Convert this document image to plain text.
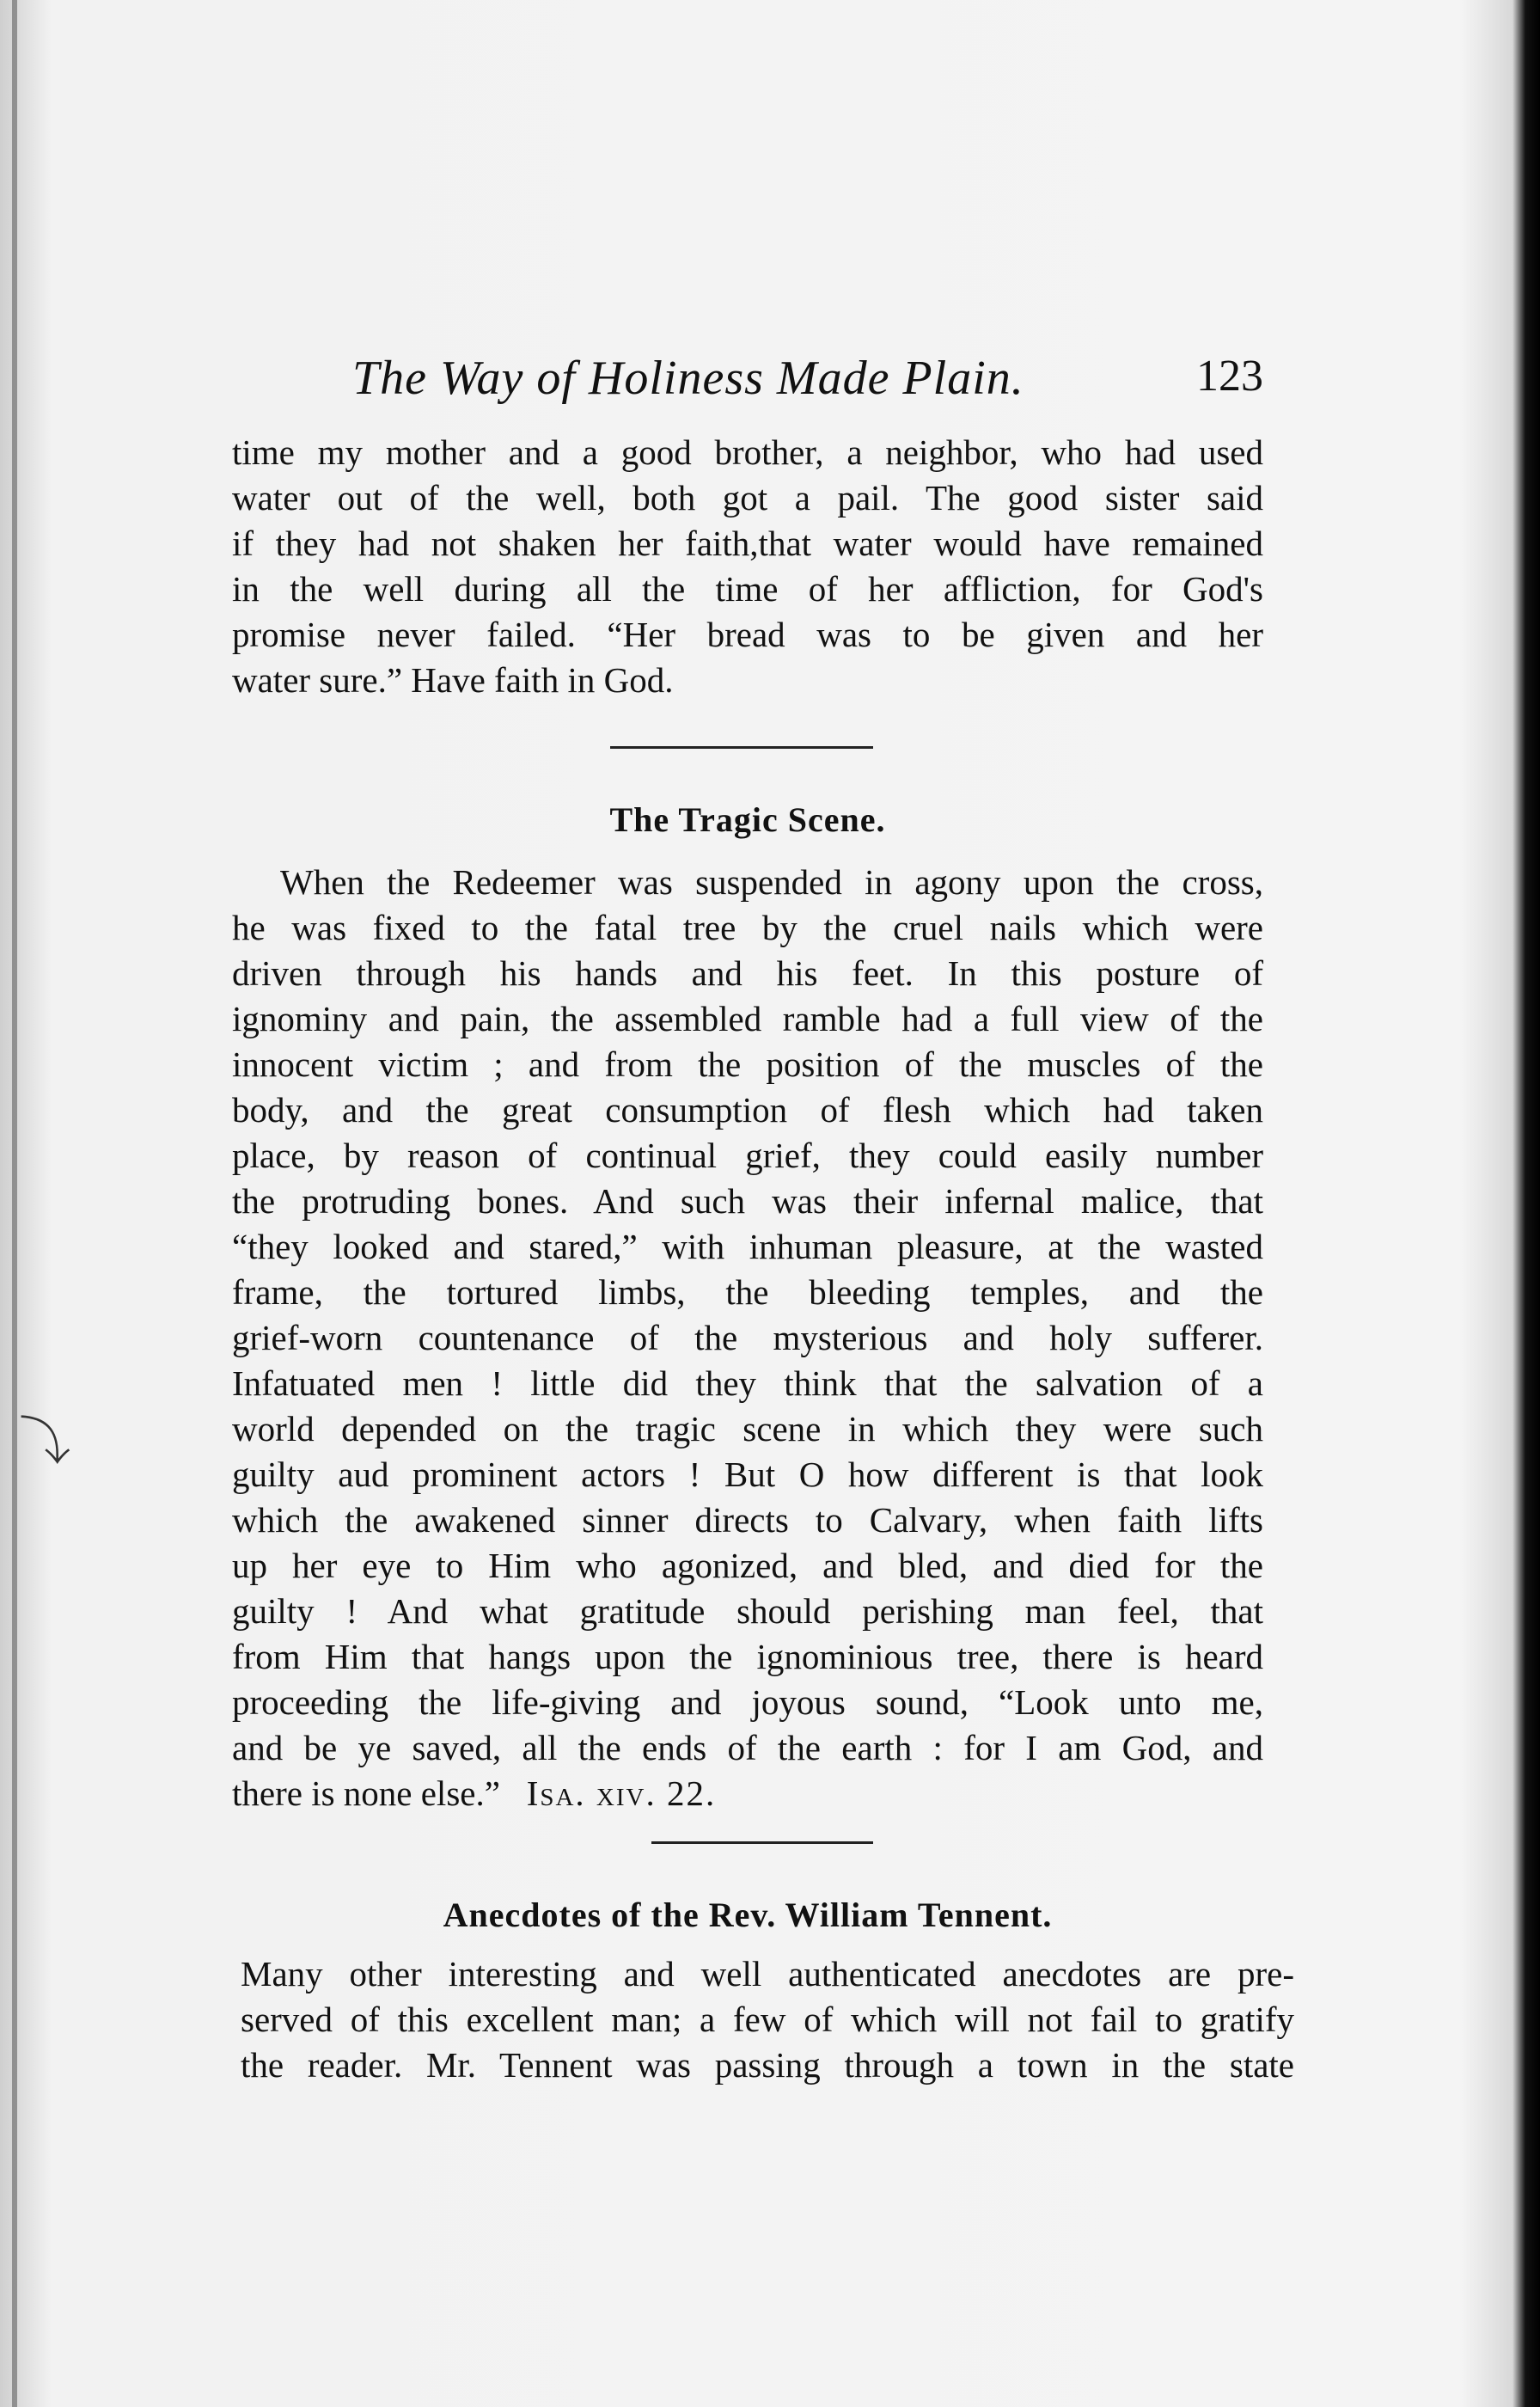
⤵
The Way of Holiness Made Plain.	123
time my mother and a good brother, a neighbor, who had used
water out of the well, both got a pail. The good sister said
if they had not shaken her faith,that water would have remained
in the well during all the time of her affliction, for God's
promise never failed. “Her bread was to be given and her
water sure.” Have faith in God.
The Tragic Scene.
When the Redeemer was suspended in agony upon the cross,
he was fixed to the fatal tree by the cruel nails which were
driven through his hands and his feet. In this posture of
ignominy and pain, the assembled ramble had a full view of the
innocent victim ; and from the position of the muscles of the
body, and the great consumption of flesh which had taken
place, by reason of continual grief, they could easily number
the protruding bones. And such was their infernal malice, that
“they looked and stared,” with inhuman pleasure, at the wasted
frame, the tortured limbs, the bleeding temples, and the
grief-worn countenance of the mysterious and holy sufferer.
Infatuated men ! little did they think that the salvation of a
world depended on the tragic scene in which they were such
guilty aud prominent actors ! But O how different is that look
which the awakened sinner directs to Calvary, when faith lifts
up her eye to Him who agonized, and bled, and died for the
guilty ! And what gratitude should perishing man feel, that
from Him that hangs upon the ignominious tree, there is heard
proceeding the life-giving and joyous sound, “Look unto me,
and be ye saved, all the ends of the earth : for I am God, and
there is none else.” Isa. xiv. 22.
Anecdotes of the Rev. William Tennent.
Many other interesting and well authenticated anecdotes are pre-
served of this excellent man; a few of which will not fail to gratify
the reader. Mr. Tennent was passing through a town in the state
